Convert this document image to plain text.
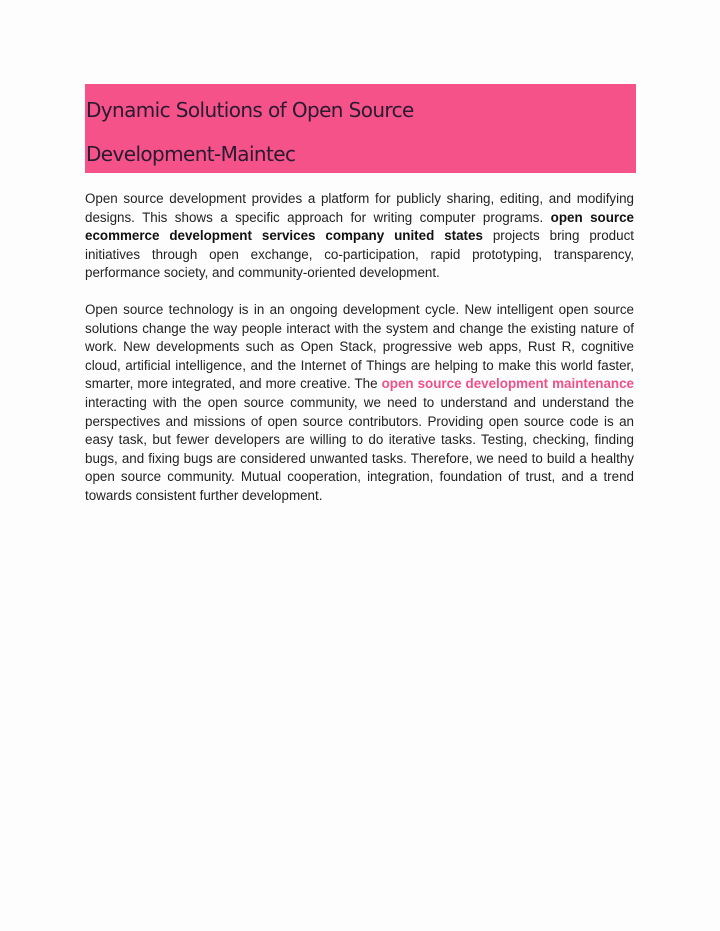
Dynamic Solutions of Open Source

Development-Maintec

Open source development provides a platform for publicly sharing, editing, and modifying designs. This shows a specific approach for writing computer programs. open source ecommerce development services company united states projects bring product initiatives through open exchange, co-participation, rapid prototyping, transparency, performance society, and community-oriented development.

Open source technology is in an ongoing development cycle. New intelligent open source solutions change the way people interact with the system and change the existing nature of work. New developments such as Open Stack, progressive web apps, Rust R, cognitive cloud, artificial intelligence, and the Internet of Things are helping to make this world faster, smarter, more integrated, and more creative. The open source development maintenance interacting with the open source community, we need to understand and understand the perspectives and missions of open source contributors. Providing open source code is an easy task, but fewer developers are willing to do iterative tasks. Testing, checking, finding bugs, and fixing bugs are considered unwanted tasks. Therefore, we need to build a healthy open source community. Mutual cooperation, integration, foundation of trust, and a trend towards consistent further development.
